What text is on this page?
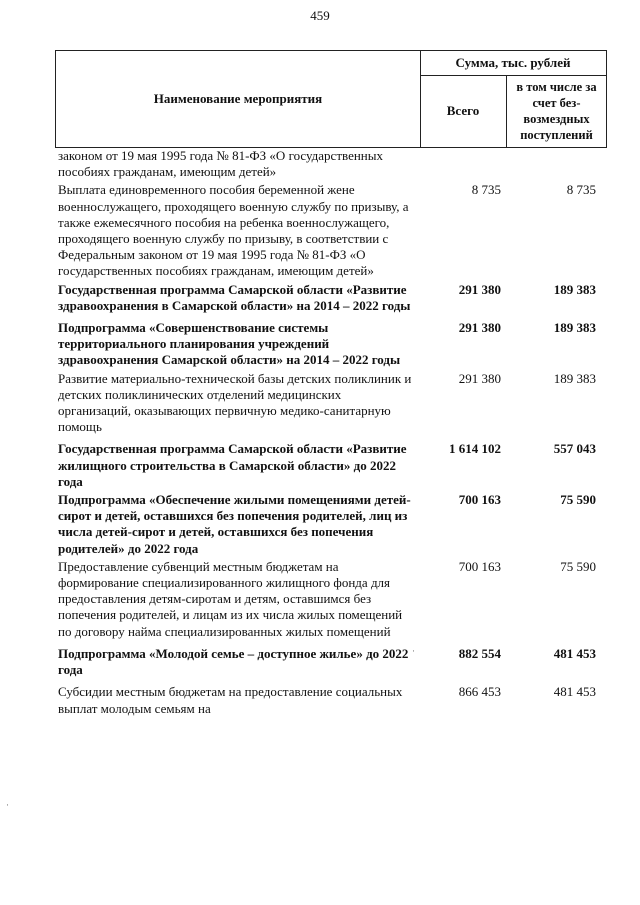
459
Наименование мероприятия
Сумма, тыс. рублей
Всего
в том числе за счет без-возмездных поступлений
законом от 19 мая 1995 года № 81-ФЗ «О государственных пособиях гражданам, имеющим детей»
Выплата единовременного пособия беременной жене военнослужащего, проходящего военную службу по призыву, а также ежемесячного пособия на ребенка военнослужащего, проходящего военную службу по призыву, в соответствии с Федеральным законом от 19 мая 1995 года № 81-ФЗ «О государственных пособиях гражданам, имеющим детей»
8 735	8 735
Государственная программа Самарской области «Развитие здравоохранения в Самарской области» на 2014 – 2022 годы
291 380	189 383
Подпрограмма «Совершенствование системы территориального планирования учреждений здравоохранения Самарской области» на 2014 – 2022 годы
291 380	189 383
Развитие материально-технической базы детских поликлиник и детских поликлинических отделений медицинских организаций, оказывающих первичную медико-санитарную помощь
291 380	189 383
Государственная программа Самарской области «Развитие жилищного строительства в Самарской области» до 2022 года
1 614 102	557 043
Подпрограмма «Обеспечение жилыми помещениями детей-сирот и детей, оставшихся без попечения родителей, лиц из числа детей-сирот и детей, оставшихся без попечения родителей» до 2022 года
700 163	75 590
Предоставление субвенций местным бюджетам на формирование специализированного жилищного фонда для предоставления детям-сиротам и детям, оставшимся без попечения родителей, и лицам из их числа жилых помещений по договору найма специализированных жилых помещений
700 163	75 590
Подпрограмма «Молодой семье – доступное жилье» до 2022 года
882 554	481 453
Субсидии местным бюджетам на предоставление социальных выплат молодым семьям на
866 453	481 453
·
·
